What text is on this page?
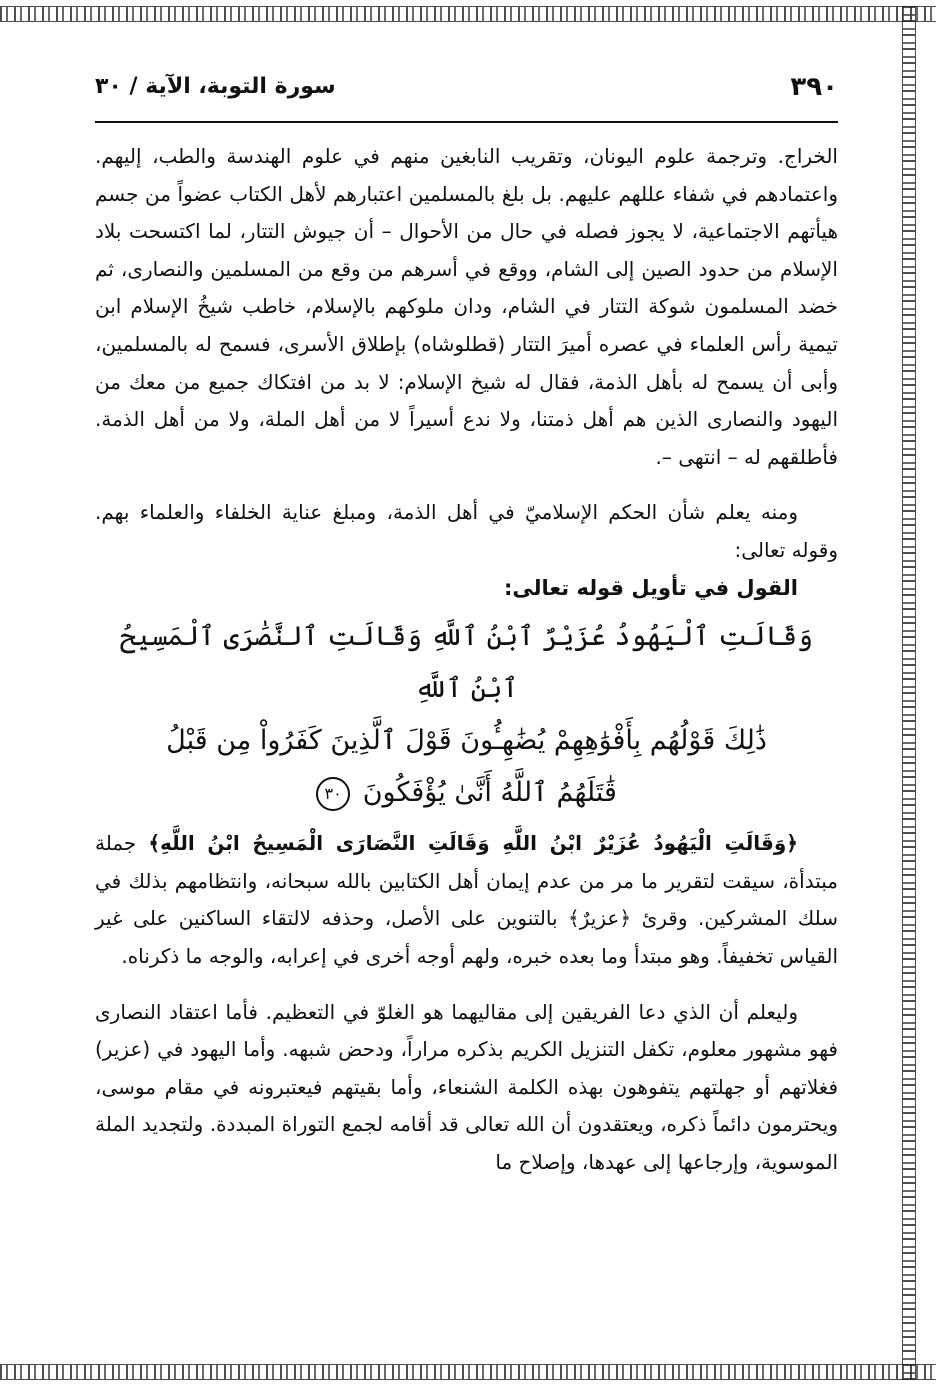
٣٩٠
سورة التوبة، الآية / ٣٠

الخراج. وترجمة علوم اليونان، وتقريب النابغين منهم في علوم الهندسة والطب، إليهم. واعتمادهم في شفاء عللهم عليهم. بل بلغ بالمسلمين اعتبارهم لأهل الكتاب عضواً من جسم هيأتهم الاجتماعية، لا يجوز فصله في حال من الأحوال – أن جيوش التتار، لما اكتسحت بلاد الإسلام من حدود الصين إلى الشام، ووقع في أسرهم من وقع من المسلمين والنصارى، ثم خضد المسلمون شوكة التتار في الشام، ودان ملوكهم بالإسلام، خاطب شيخُ الإسلام ابن تيمية رأس العلماء في عصره أميرَ التتار (قطلوشاه) بإطلاق الأسرى، فسمح له بالمسلمين، وأبى أن يسمح له بأهل الذمة، فقال له شيخ الإسلام: لا بد من افتكاك جميع من معك من اليهود والنصارى الذين هم أهل ذمتنا، ولا ندع أسيراً لا من أهل الملة، ولا من أهل الذمة. فأطلقهم له – انتهى –.

ومنه يعلم شأن الحكم الإسلاميّ في أهل الذمة، ومبلغ عناية الخلفاء والعلماء بهم. وقوله تعالى:

القول في تأويل قوله تعالى:

وَقَالَتِ ٱلْيَهُودُ عُزَيْرٌ ٱبْنُ ٱللَّهِ وَقَالَتِ ٱلنَّصَٰرَى ٱلْمَسِيحُ ٱبْنُ ٱللَّهِ
ذَٰلِكَ قَوْلُهُم بِأَفْوَٰهِهِمْ يُضَٰهِـُٔونَ قَوْلَ ٱلَّذِينَ كَفَرُواْ مِن قَبْلُ
قَٰتَلَهُمُ ٱللَّهُ أَنَّىٰ يُؤْفَكُونَ ٣٠

﴿وَقَالَتِ الْيَهُودُ عُزَيْرٌ ابْنُ اللَّهِ وَقَالَتِ النَّصَارَى الْمَسِيحُ ابْنُ اللَّهِ﴾ جملة مبتدأة، سيقت لتقرير ما مر من عدم إيمان أهل الكتابين بالله سبحانه، وانتظامهم بذلك في سلك المشركين. وقرئ ﴿عزيرٌ﴾ بالتنوين على الأصل، وحذفه لالتقاء الساكنين على غير القياس تخفيفاً. وهو مبتدأ وما بعده خبره، ولهم أوجه أخرى في إعرابه، والوجه ما ذكرناه.

وليعلم أن الذي دعا الفريقين إلى مقاليهما هو الغلوّ في التعظيم. فأما اعتقاد النصارى فهو مشهور معلوم، تكفل التنزيل الكريم بذكره مراراً، ودحض شبهه. وأما اليهود في (عزير) فغلاتهم أو جهلتهم يتفوهون بهذه الكلمة الشنعاء، وأما بقيتهم فيعتبرونه في مقام موسى، ويحترمون دائماً ذكره، ويعتقدون أن الله تعالى قد أقامه لجمع التوراة المبددة. ولتجديد الملة الموسوية، وإرجاعها إلى عهدها، وإصلاح ما
